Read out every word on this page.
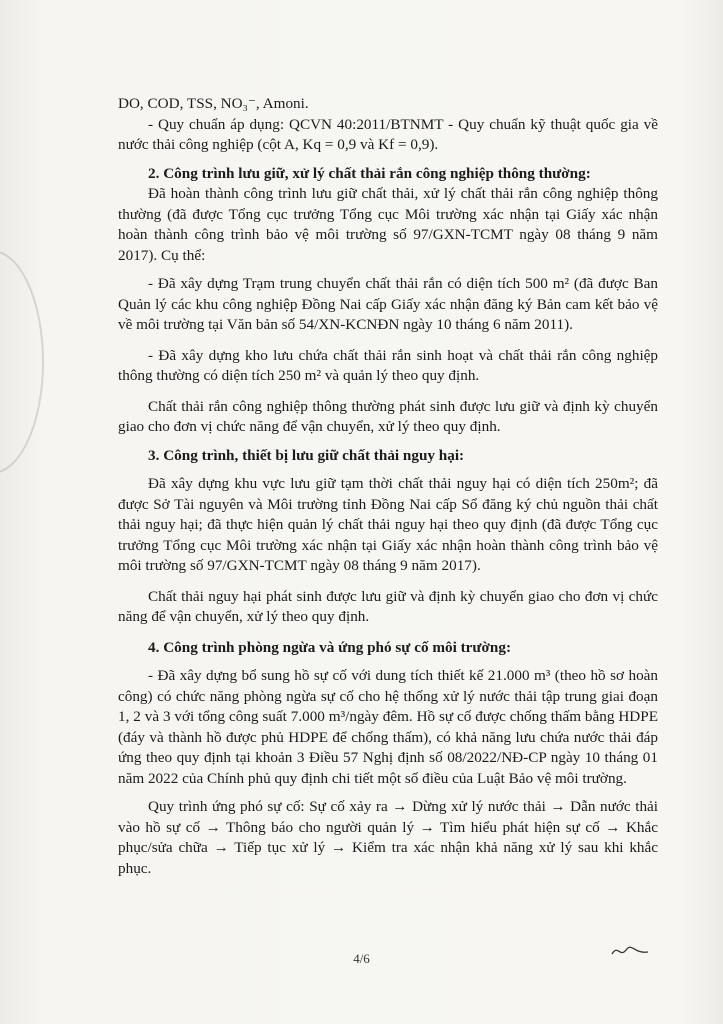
DO, COD, TSS, NO₃⁻, Amoni.

- Quy chuẩn áp dụng: QCVN 40:2011/BTNMT - Quy chuẩn kỹ thuật quốc gia về nước thải công nghiệp (cột A, Kq = 0,9 và Kf = 0,9).

2. Công trình lưu giữ, xử lý chất thải rắn công nghiệp thông thường:

Đã hoàn thành công trình lưu giữ chất thải, xử lý chất thải rắn công nghiệp thông thường (đã được Tổng cục trưởng Tổng cục Môi trường xác nhận tại Giấy xác nhận hoàn thành công trình bảo vệ môi trường số 97/GXN-TCMT ngày 08 tháng 9 năm 2017). Cụ thể:

- Đã xây dựng Trạm trung chuyển chất thải rắn có diện tích 500 m² (đã được Ban Quản lý các khu công nghiệp Đồng Nai cấp Giấy xác nhận đăng ký Bản cam kết bảo vệ về môi trường tại Văn bản số 54/XN-KCNĐN ngày 10 tháng 6 năm 2011).

- Đã xây dựng kho lưu chứa chất thải rắn sinh hoạt và chất thải rắn công nghiệp thông thường có diện tích 250 m² và quản lý theo quy định.

Chất thải rắn công nghiệp thông thường phát sinh được lưu giữ và định kỳ chuyển giao cho đơn vị chức năng để vận chuyển, xử lý theo quy định.

3. Công trình, thiết bị lưu giữ chất thải nguy hại:

Đã xây dựng khu vực lưu giữ tạm thời chất thải nguy hại có diện tích 250m²; đã được Sở Tài nguyên và Môi trường tỉnh Đồng Nai cấp Sổ đăng ký chủ nguồn thải chất thải nguy hại; đã thực hiện quản lý chất thải nguy hại theo quy định (đã được Tổng cục trưởng Tổng cục Môi trường xác nhận tại Giấy xác nhận hoàn thành công trình bảo vệ môi trường số 97/GXN-TCMT ngày 08 tháng 9 năm 2017).

Chất thải nguy hại phát sinh được lưu giữ và định kỳ chuyển giao cho đơn vị chức năng để vận chuyển, xử lý theo quy định.

4. Công trình phòng ngừa và ứng phó sự cố môi trường:

- Đã xây dựng bổ sung hồ sự cố với dung tích thiết kế 21.000 m³ (theo hồ sơ hoàn công) có chức năng phòng ngừa sự cố cho hệ thống xử lý nước thải tập trung giai đoạn 1, 2 và 3 với tổng công suất 7.000 m³/ngày đêm. Hồ sự cố được chống thấm bằng HDPE (đáy và thành hồ được phủ HDPE để chống thấm), có khả năng lưu chứa nước thải đáp ứng theo quy định tại khoản 3 Điều 57 Nghị định số 08/2022/NĐ-CP ngày 10 tháng 01 năm 2022 của Chính phủ quy định chi tiết một số điều của Luật Bảo vệ môi trường.

Quy trình ứng phó sự cố: Sự cố xảy ra → Dừng xử lý nước thải → Dẫn nước thải vào hồ sự cố → Thông báo cho người quản lý → Tìm hiểu phát hiện sự cố → Khắc phục/sửa chữa → Tiếp tục xử lý → Kiểm tra xác nhận khả năng xử lý sau khi khắc phục.

4/6
